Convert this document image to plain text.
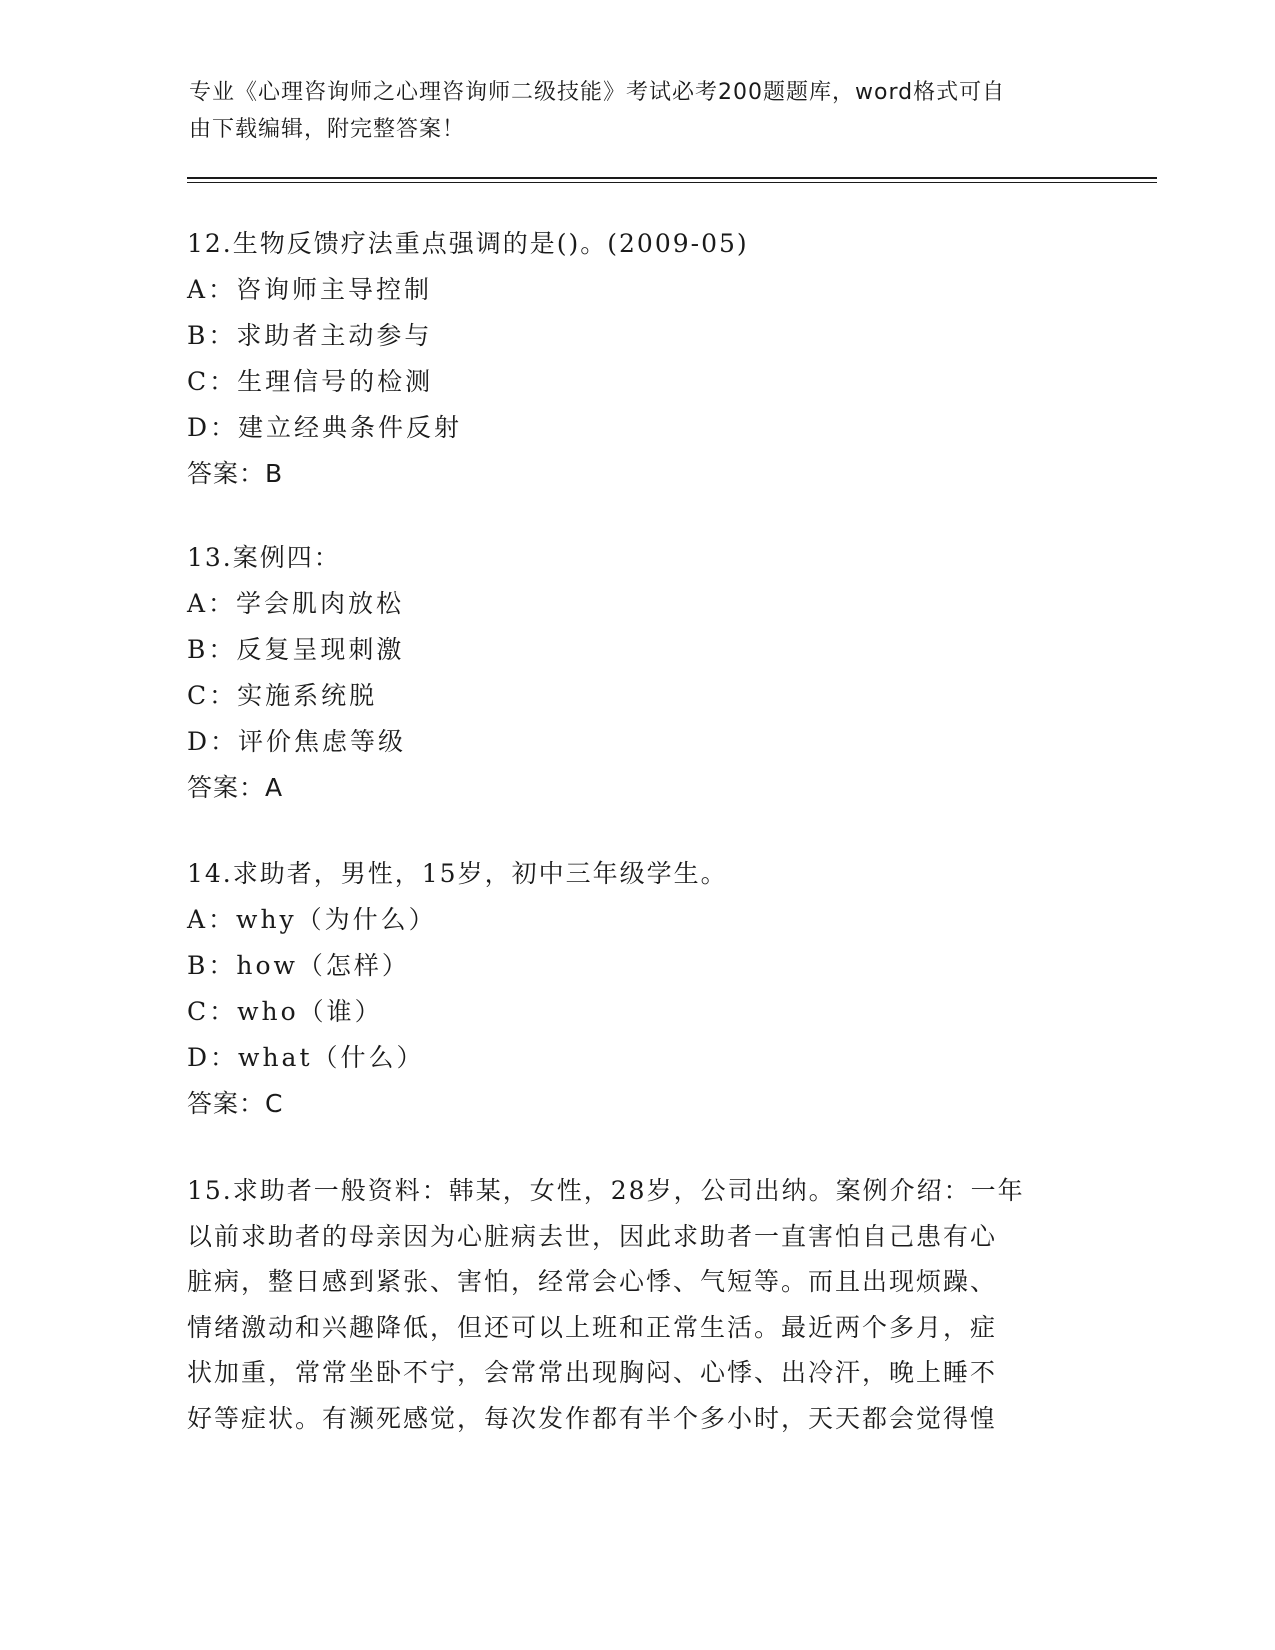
专业《心理咨询师之心理咨询师二级技能》考试必考200题题库，word格式可自
由下载编辑，附完整答案！
12.生物反馈疗法重点强调的是()。(2009-05)
A：咨询师主导控制
B：求助者主动参与
C：生理信号的检测
D：建立经典条件反射
答案：B
13.案例四：
A：学会肌肉放松
B：反复呈现刺激
C：实施系统脱
D：评价焦虑等级
答案：A
14.求助者，男性，15岁，初中三年级学生。
A：why（为什么）
B：how（怎样）
C：who（谁）
D：what（什么）
答案：C
15.求助者一般资料：韩某，女性，28岁，公司出纳。案例介绍：一年
以前求助者的母亲因为心脏病去世，因此求助者一直害怕自己患有心
脏病，整日感到紧张、害怕，经常会心悸、气短等。而且出现烦躁、
情绪激动和兴趣降低，但还可以上班和正常生活。最近两个多月，症
状加重，常常坐卧不宁，会常常出现胸闷、心悸、出冷汗，晚上睡不
好等症状。有濒死感觉，每次发作都有半个多小时，天天都会觉得惶
